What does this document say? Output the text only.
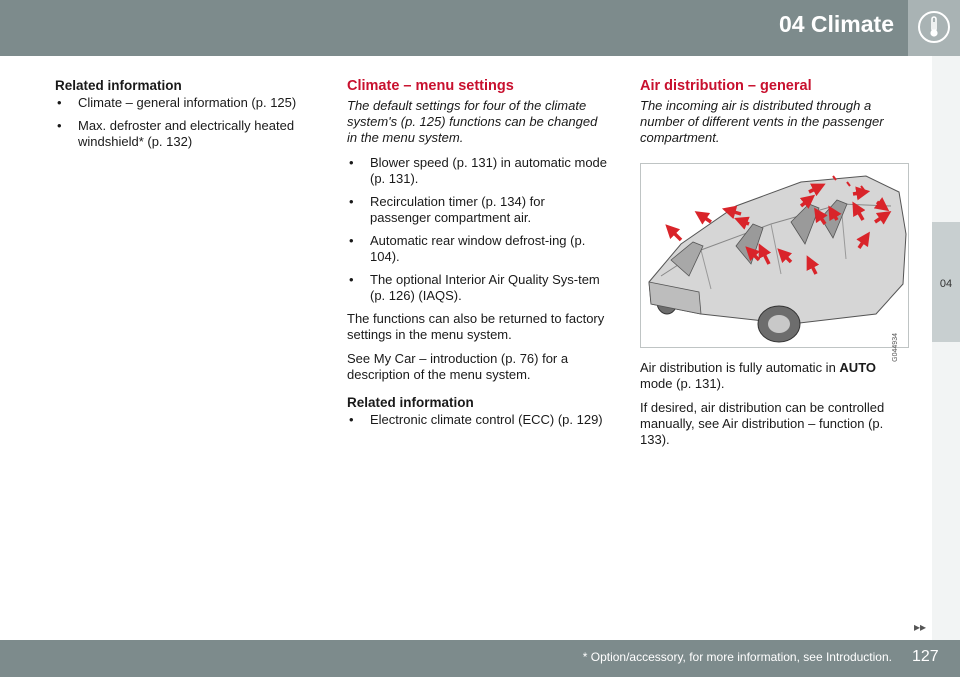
04 Climate
04
Related information
• Climate – general information (p. 125)
• Max. defroster and electrically heated windshield* (p. 132)
Climate – menu settings

The default settings for four of the climate system's (p. 125) functions can be changed in the menu system.

• Blower speed (p. 131) in automatic mode (p. 131).
• Recirculation timer (p. 134) for passenger compartment air.
• Automatic rear window defrost-ing (p. 104).
• The optional Interior Air Quality Sys-tem (p. 126) (IAQS).

The functions can also be returned to factory settings in the menu system.

See My Car – introduction (p. 76) for a description of the menu system.

Related information
• Electronic climate control (ECC) (p. 129)
Air distribution – general

The incoming air is distributed through a number of different vents in the passenger compartment.

G044934

Air distribution is fully automatic in AUTO mode (p. 131).

If desired, air distribution can be controlled manually, see Air distribution – function (p. 133).

▸▸
* Option/accessory, for more information, see Introduction. 127
